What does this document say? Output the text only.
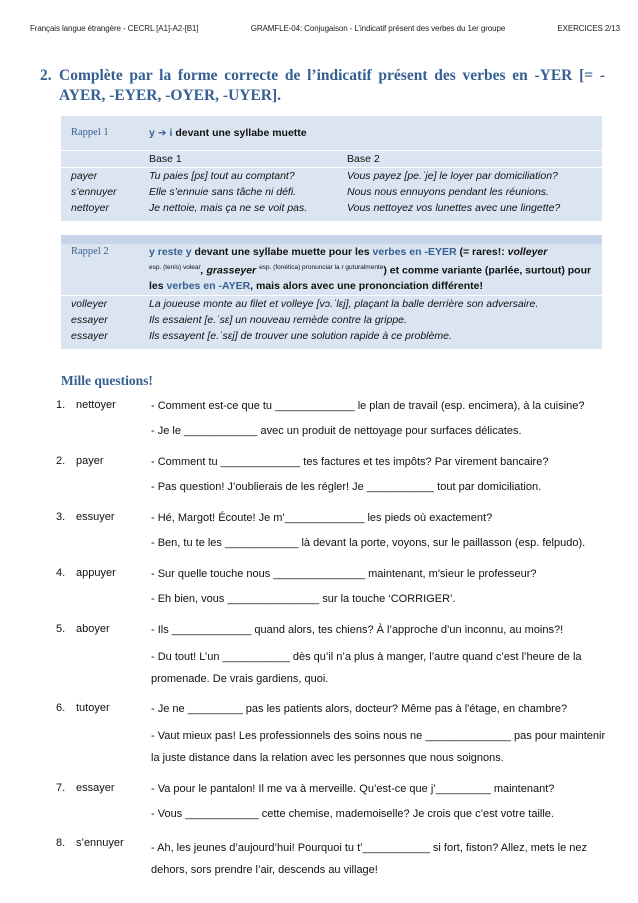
Français langue étrangère - CECRL [A1]-A2-[B1]	GRAMFLE-04: Conjugaison - L’indicatif présent des verbes du 1er groupe	EXERCICES 2/13
2. Complète par la forme correcte de l’indicatif présent des verbes en -YER [= -AYER, -EYER, -OYER, -UYER].
Rappel 1	y ➔ i devant une syllabe muette	
	Base 1	Base 2
payer	Tu paies [pɛ] tout au comptant?	Vous payez [pe.ˈje] le loyer par domiciliation?
s’ennuyer	Elle s’ennuie sans tâche ni défi.	Nous nous ennuyons pendant les réunions.
nettoyer	Je nettoie, mais ça ne se voit pas.	Vous nettoyez vos lunettes avec une lingette?
Rappel 2	y reste y devant une syllabe muette pour les verbes en -EYER (= rares!: volleyer
$^{esp. (tenis) volear}$, grasseyer $^{esp. (fonética) pronunciar la r guturalmente}$) et comme variante (parlée, surtout) pour les verbes en -AYER, mais alors avec une prononciation différente!
volleyer	La joueuse monte au filet et volleye [vɔ.ˈlɛj], plaçant la balle derrière son adversaire.
essayer	Ils essaient [e.ˈsɛ] un nouveau remède contre la grippe.
essayer	Ils essayent [e.ˈsɛj] de trouver une solution rapide à ce problème.
Mille questions!
1. nettoyer	- Comment est-ce que tu _____________ le plan de travail (esp. encimera), à la cuisine?
- Je le ____________ avec un produit de nettoyage pour surfaces délicates.
2. payer	- Comment tu _____________ tes factures et tes impôts? Par virement bancaire?
- Pas question! J’oublierais de les régler! Je ___________ tout par domiciliation.
3. essuyer	- Hé, Margot! Écoute! Je m’_____________ les pieds où exactement?
- Ben, tu te les ____________ là devant la porte, voyons, sur le paillasson (esp. felpudo).
4. appuyer	- Sur quelle touche nous _______________ maintenant, m'sieur le professeur?
- Eh bien, vous _______________ sur la touche ‘CORRIGER’.
5. aboyer	- Ils _____________ quand alors, tes chiens? À l’approche d’un inconnu, au moins?!
- Du tout! L’un ___________ dès qu’il n’a plus à manger, l’autre quand c’est l’heure de la promenade. De vrais gardiens, quoi.
6. tutoyer	- Je ne _________ pas les patients alors, docteur? Même pas à l'étage, en chambre?
- Vaut mieux pas! Les professionnels des soins nous ne ______________ pas pour maintenir la juste distance dans la relation avec les personnes que nous soignons.
7. essayer	- Va pour le pantalon! Il me va à merveille. Qu’est-ce que j’_________ maintenant?
- Vous ____________ cette chemise, mademoiselle? Je crois que c’est votre taille.
8. s’ennuyer - Ah, les jeunes d’aujourd’hui! Pourquoi tu t’___________ si fort, fiston? Allez, mets le nez dehors, sors prendre l’air, descends au village!
